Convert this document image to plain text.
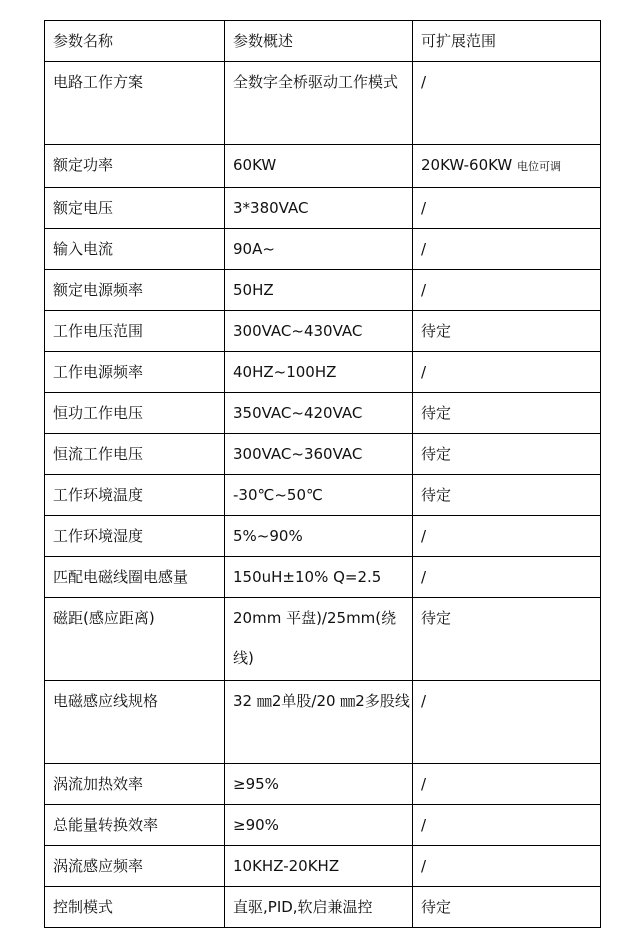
参数名称	参数概述	可扩展范围
电路工作方案	全数字全桥驱动工作模式	/
额定功率	60KW	20KW-60KW 电位可调
额定电压	3*380VAC	/
输入电流	90A~	/
额定电源频率	50HZ	/
工作电压范围	300VAC~430VAC	待定
工作电源频率	40HZ~100HZ	/
恒功工作电压	350VAC~420VAC	待定
恒流工作电压	300VAC~360VAC	待定
工作环境温度	-30℃~50℃	待定
工作环境湿度	5%~90%	/
匹配电磁线圈电感量	150uH±10% Q=2.5	/
磁距(感应距离)	20mm 平盘)/25mm(绕线)	待定
电磁感应线规格	32 ㎜2单股/20 ㎜2多股线	/
涡流加热效率	≥95%	/
总能量转换效率	≥90%	/
涡流感应频率	10KHZ-20KHZ	/
控制模式	直驱,PID,软启兼温控	待定
